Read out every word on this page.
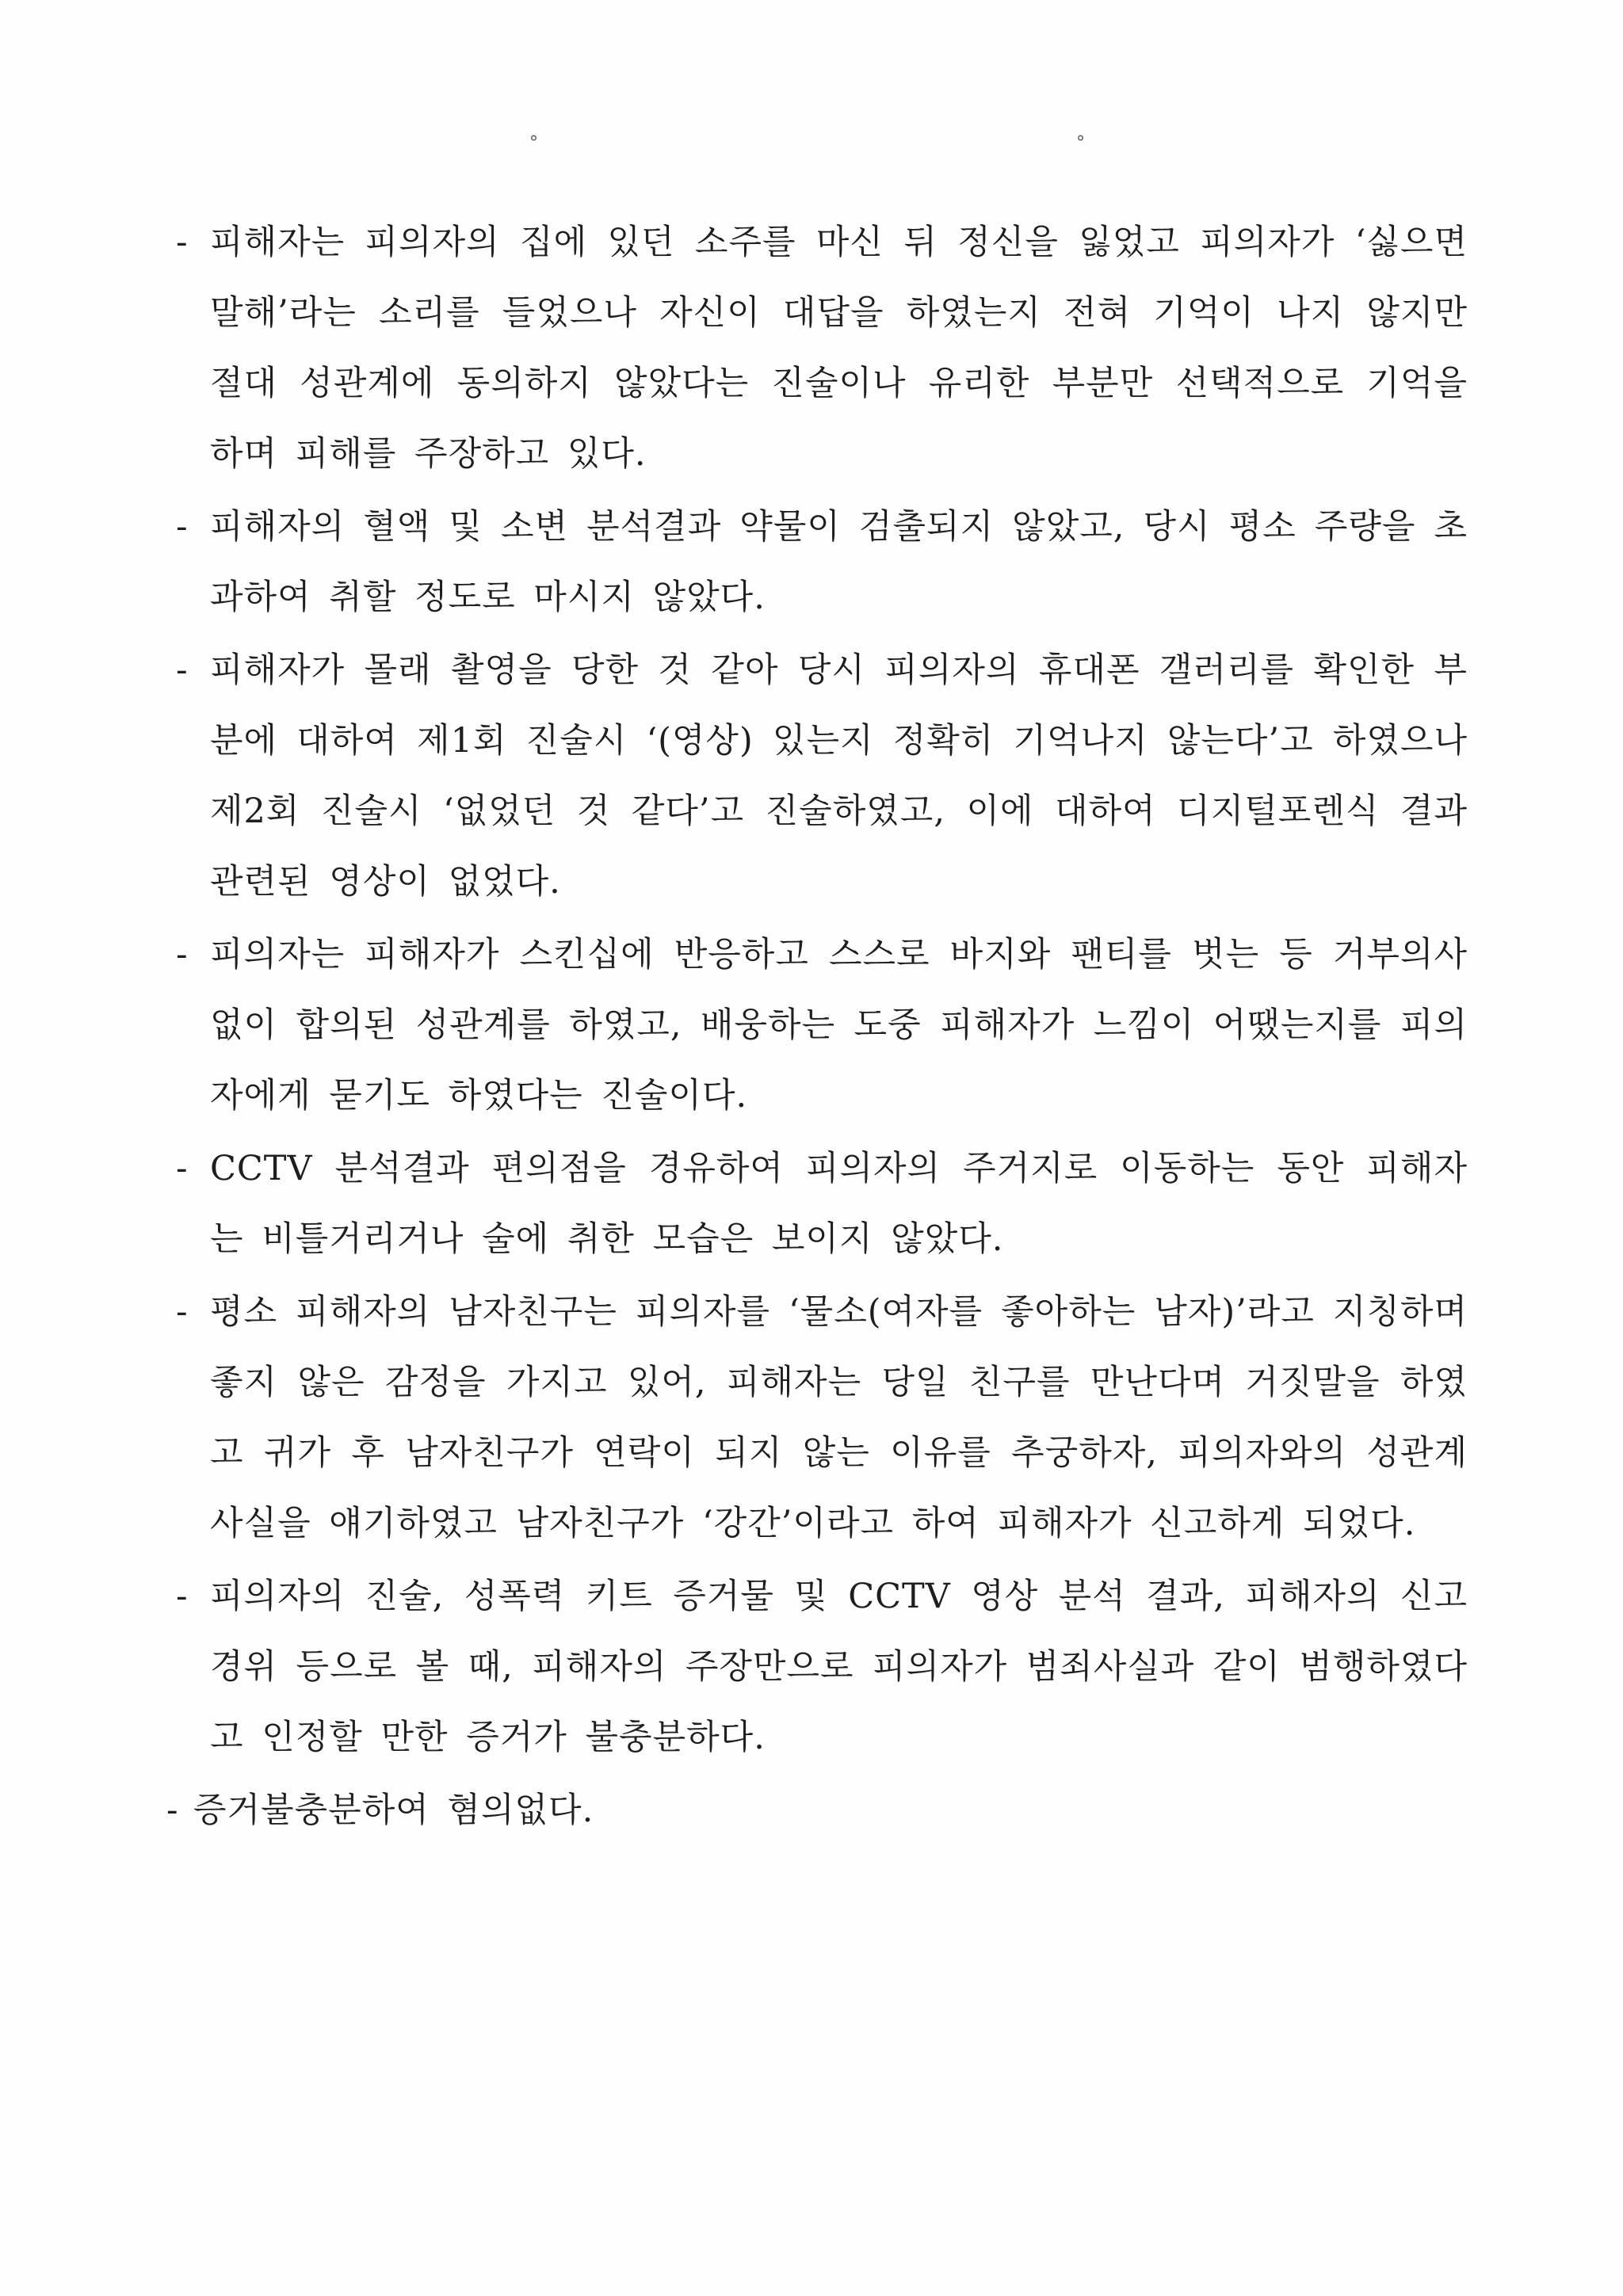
°	°

- 피해자는 피의자의 집에 있던 소주를 마신 뒤 정신을 잃었고 피의자가 ‘싫으면 말해’라는 소리를 들었으나 자신이 대답을 하였는지 전혀 기억이 나지 않지만 절대 성관계에 동의하지 않았다는 진술이나 유리한 부분만 선택적으로 기억을 하며 피해를 주장하고 있다.

- 피해자의 혈액 및 소변 분석결과 약물이 검출되지 않았고, 당시 평소 주량을 초과하여 취할 정도로 마시지 않았다.

- 피해자가 몰래 촬영을 당한 것 같아 당시 피의자의 휴대폰 갤러리를 확인한 부분에 대하여 제1회 진술시 ‘(영상) 있는지 정확히 기억나지 않는다’고 하였으나 제2회 진술시 ‘없었던 것 같다’고 진술하였고, 이에 대하여 디지털포렌식 결과 관련된 영상이 없었다.

- 피의자는 피해자가 스킨십에 반응하고 스스로 바지와 팬티를 벗는 등 거부의사 없이 합의된 성관계를 하였고, 배웅하는 도중 피해자가 느낌이 어땠는지를 피의자에게 묻기도 하였다는 진술이다.

- CCTV 분석결과 편의점을 경유하여 피의자의 주거지로 이동하는 동안 피해자는 비틀거리거나 술에 취한 모습은 보이지 않았다.

- 평소 피해자의 남자친구는 피의자를 ‘물소(여자를 좋아하는 남자)’라고 지칭하며 좋지 않은 감정을 가지고 있어, 피해자는 당일 친구를 만난다며 거짓말을 하였고 귀가 후 남자친구가 연락이 되지 않는 이유를 추궁하자, 피의자와의 성관계 사실을 얘기하였고 남자친구가 ‘강간’이라고 하여 피해자가 신고하게 되었다.

- 피의자의 진술, 성폭력 키트 증거물 및 CCTV 영상 분석 결과, 피해자의 신고 경위 등으로 볼 때, 피해자의 주장만으로 피의자가 범죄사실과 같이 범행하였다고 인정할 만한 증거가 불충분하다.

- 증거불충분하여 혐의없다.
